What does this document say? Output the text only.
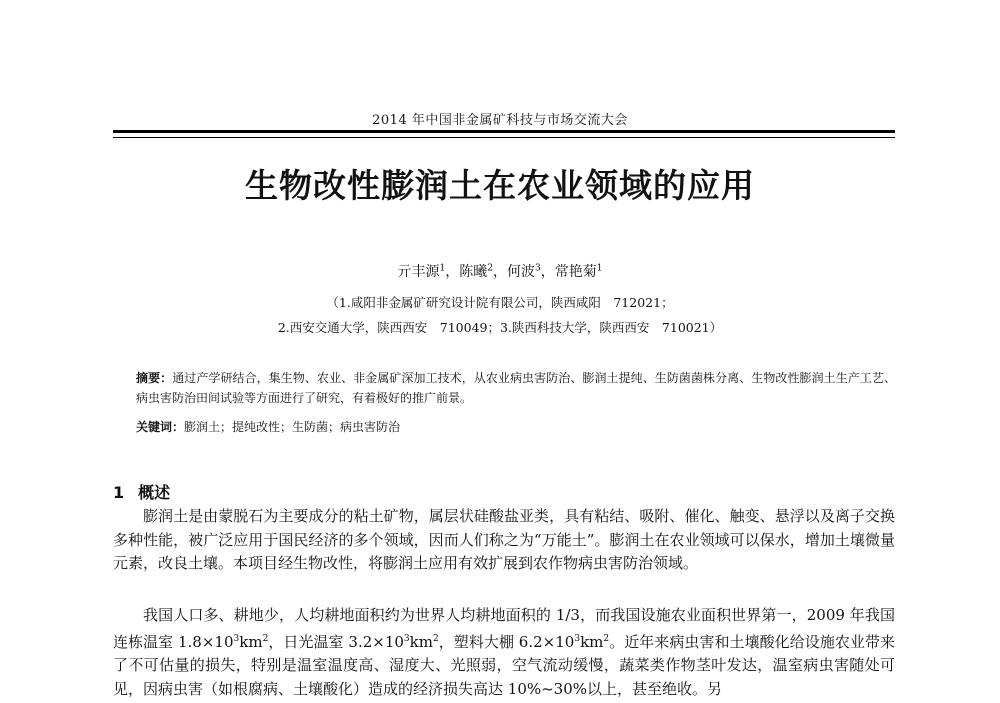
2014 年中国非金属矿科技与市场交流大会
生物改性膨润土在农业领域的应用
亓丰源$^1$，陈曦$^2$，何波$^3$，常艳菊$^1$
（1.咸阳非金属矿研究设计院有限公司，陕西咸阳　712021；
2.西安交通大学，陕西西安　710049；3.陕西科技大学，陕西西安　710021）
摘要：通过产学研结合，集生物、农业、非金属矿深加工技术，从农业病虫害防治、膨润土提纯、生防菌菌株分离、生物改性膨润土生产工艺、病虫害防治田间试验等方面进行了研究，有着极好的推广前景。
关键词：膨润土；提纯改性；生防菌；病虫害防治
1 概述
膨润土是由蒙脱石为主要成分的粘土矿物，属层状硅酸盐亚类，具有粘结、吸附、催化、触变、悬浮以及离子交换多种性能，被广泛应用于国民经济的多个领域，因而人们称之为“万能土”。膨润土在农业领域可以保水，增加土壤微量元素，改良土壤。本项目经生物改性，将膨润土应用有效扩展到农作物病虫害防治领域。
我国人口多、耕地少，人均耕地面积约为世界人均耕地面积的 1/3，而我国设施农业面积世界第一，2009 年我国连栋温室 $1.8\times 10^3km^2$，日光温室 $3.2\times 10^3km^2$，塑料大棚 $6.2\times 10^3km^2$。近年来病虫害和土壤酸化给设施农业带来了不可估量的损失，特别是温室温度高、湿度大、光照弱，空气流动缓慢，蔬菜类作物茎叶发达，温室病虫害随处可见，因病虫害（如根腐病、土壤酸化）造成的经济损失高达 10%~30%以上，甚至绝收。另
